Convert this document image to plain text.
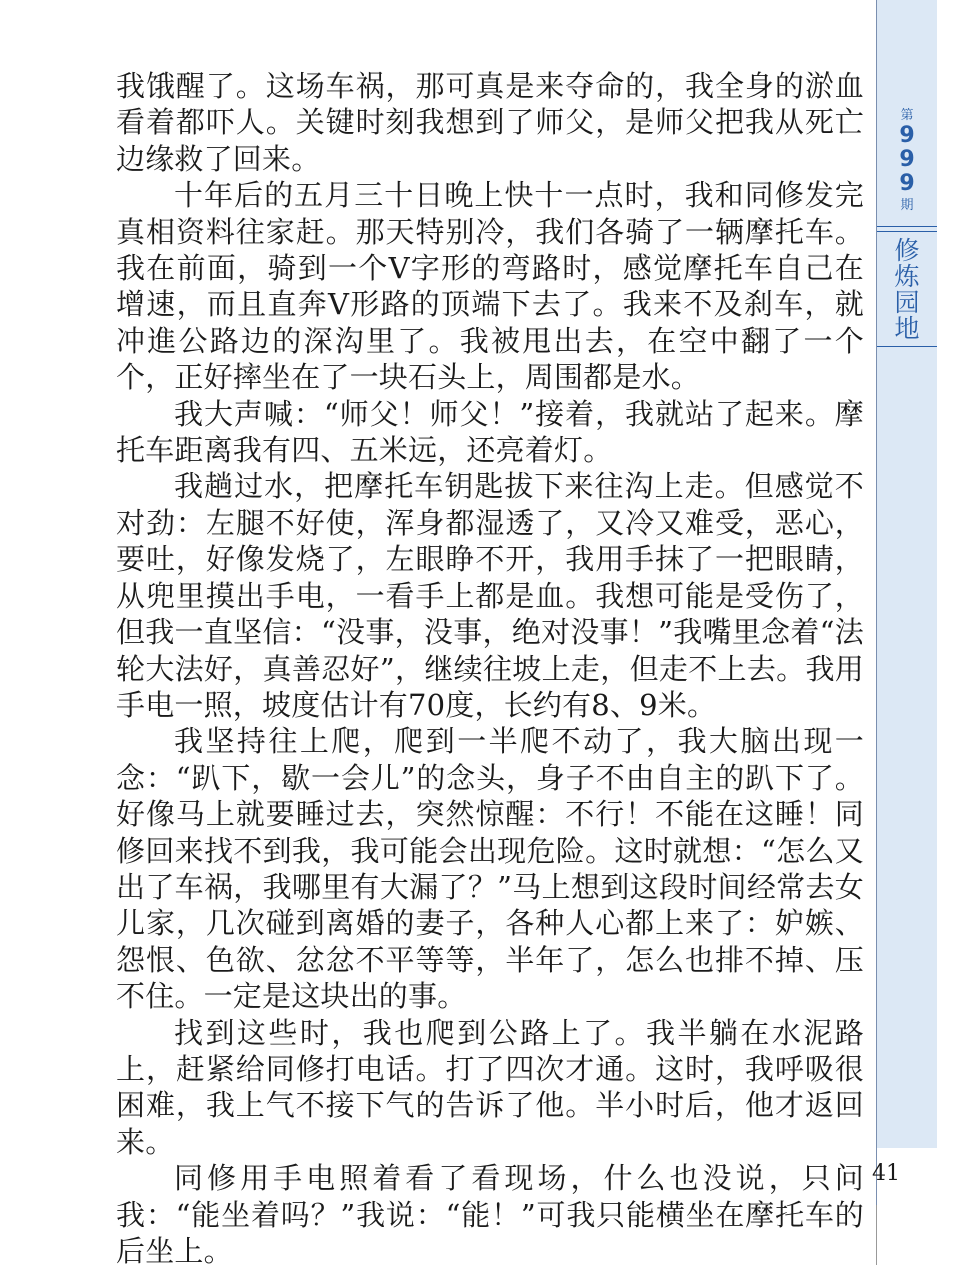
第
9
9
9
期
修
炼
园
地

我饿醒了。这场车祸，那可真是来夺命的，我全身的淤血看着都吓人。关键时刻我想到了师父，是师父把我从死亡边缘救了回来。

十年后的五月三十日晚上快十一点时，我和同修发完真相资料往家赶。那天特别冷，我们各骑了一辆摩托车。我在前面，骑到一个V字形的弯路时，感觉摩托车自己在增速，而且直奔V形路的顶端下去了。我来不及刹车，就冲進公路边的深沟里了。我被甩出去，在空中翻了一个个，正好摔坐在了一块石头上，周围都是水。

我大声喊：“师父！师父！”接着，我就站了起来。摩托车距离我有四、五米远，还亮着灯。

我趟过水，把摩托车钥匙拔下来往沟上走。但感觉不对劲：左腿不好使，浑身都湿透了，又冷又难受，恶心，要吐，好像发烧了，左眼睁不开，我用手抹了一把眼睛，从兜里摸出手电，一看手上都是血。我想可能是受伤了，但我一直坚信：“没事，没事，绝对没事！”我嘴里念着“法轮大法好，真善忍好”，继续往坡上走，但走不上去。我用手电一照，坡度估计有70度，长约有8、9米。

我坚持往上爬，爬到一半爬不动了，我大脑出现一念：“趴下，歇一会儿”的念头，身子不由自主的趴下了。好像马上就要睡过去，突然惊醒：不行！不能在这睡！同修回来找不到我，我可能会出现危险。这时就想：“怎么又出了车祸，我哪里有大漏了？”马上想到这段时间经常去女儿家，几次碰到离婚的妻子，各种人心都上来了：妒嫉、怨恨、色欲、忿忿不平等等，半年了，怎么也排不掉、压不住。一定是这块出的事。

找到这些时，我也爬到公路上了。我半躺在水泥路上，赶紧给同修打电话。打了四次才通。这时，我呼吸很困难，我上气不接下气的告诉了他。半小时后，他才返回来。

同修用手电照着看了看现场，什么也没说，只问我：“能坐着吗？”我说：“能！”可我只能横坐在摩托车的后坐上。

41
